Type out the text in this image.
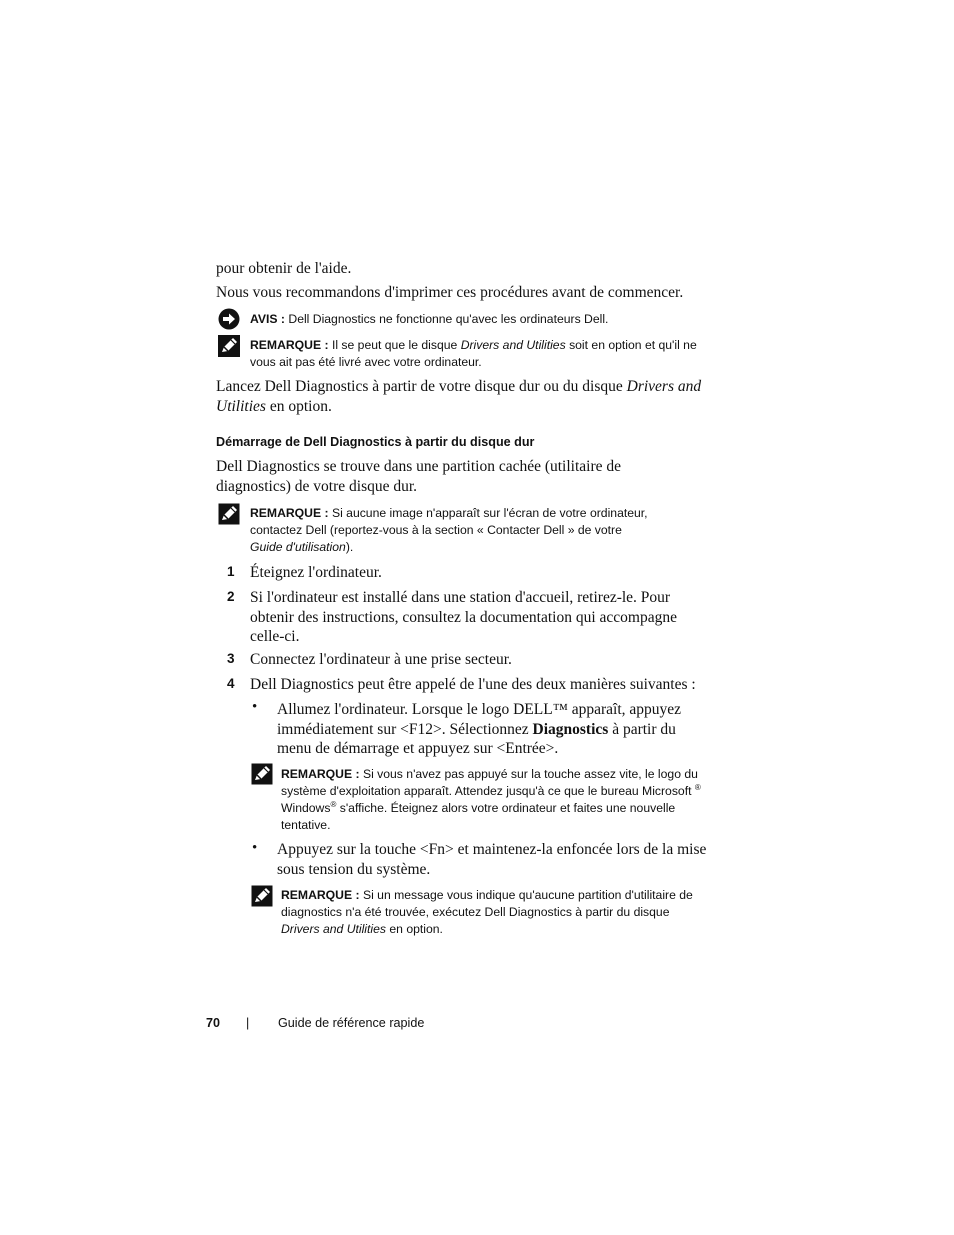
pour obtenir de l'aide.
Nous vous recommandons d'imprimer ces procédures avant de commencer.
AVIS : Dell Diagnostics ne fonctionne qu'avec les ordinateurs Dell.
REMARQUE : Il se peut que le disque Drivers and Utilities soit en option et qu'il ne
vous ait pas été livré avec votre ordinateur.
Lancez Dell Diagnostics à partir de votre disque dur ou du disque Drivers and
Utilities en option.
Démarrage de Dell Diagnostics à partir du disque dur
Dell Diagnostics se trouve dans une partition cachée (utilitaire de
diagnostics) de votre disque dur.
REMARQUE : Si aucune image n'apparaît sur l'écran de votre ordinateur,
contactez Dell (reportez-vous à la section « Contacter Dell » de votre
Guide d'utilisation).
1 Éteignez l'ordinateur.
2 Si l'ordinateur est installé dans une station d'accueil, retirez-le. Pour
obtenir des instructions, consultez la documentation qui accompagne
celle-ci.
3 Connectez l'ordinateur à une prise secteur.
4 Dell Diagnostics peut être appelé de l'une des deux manières suivantes :
• Allumez l'ordinateur. Lorsque le logo DELL™ apparaît, appuyez
immédiatement sur <F12>. Sélectionnez Diagnostics à partir du
menu de démarrage et appuyez sur <Entrée>.
REMARQUE : Si vous n'avez pas appuyé sur la touche assez vite, le logo du
système d'exploitation apparaît. Attendez jusqu'à ce que le bureau Microsoft ®
Windows® s'affiche. Éteignez alors votre ordinateur et faites une nouvelle
tentative.
• Appuyez sur la touche <Fn> et maintenez-la enfoncée lors de la mise
sous tension du système.
REMARQUE : Si un message vous indique qu'aucune partition d'utilitaire de
diagnostics n'a été trouvée, exécutez Dell Diagnostics à partir du disque
Drivers and Utilities en option.
70 | Guide de référence rapide
